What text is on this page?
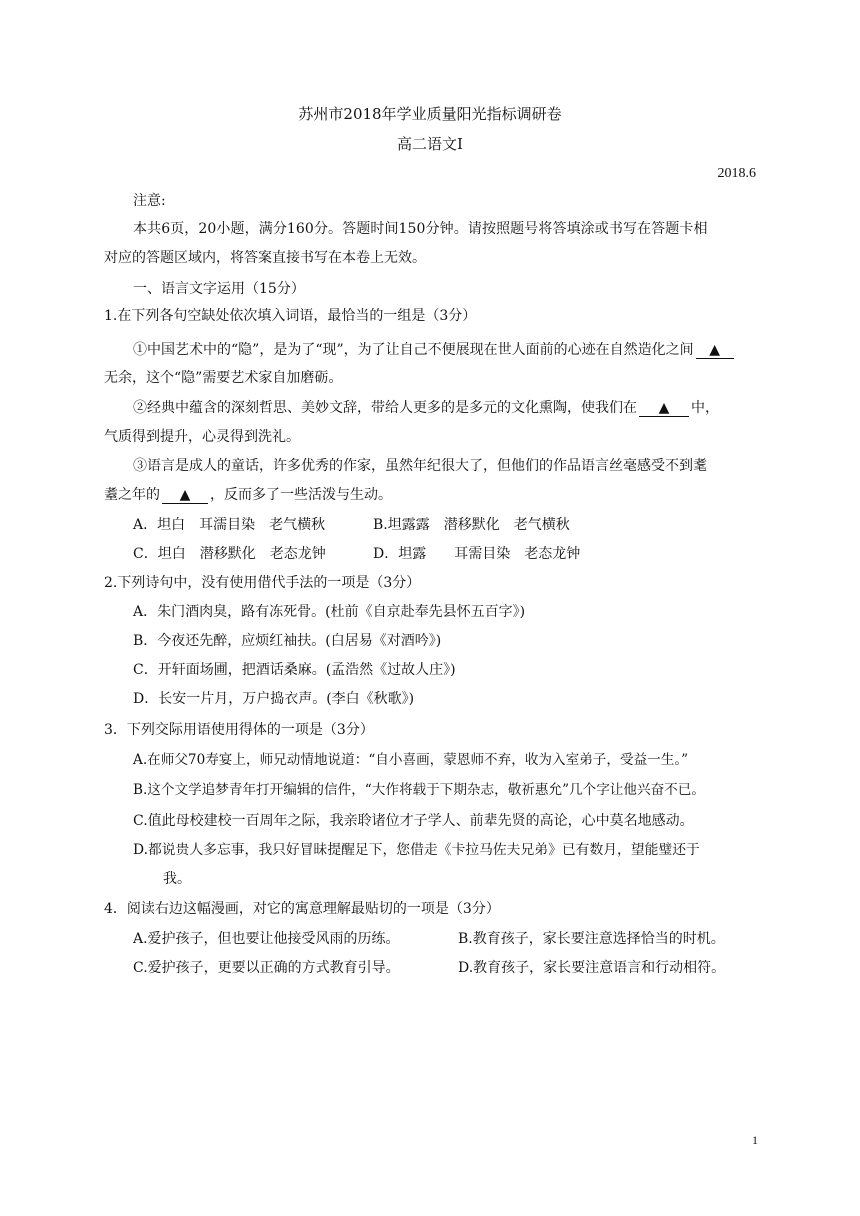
苏州市2018年学业质量阳光指标调研卷
高二语文Ⅰ
2018.6
注意:
本共6页，20小题，满分160分。答题时间150分钟。请按照题号将答填涂或书写在答题卡相
对应的答题区域内，将答案直接书写在本卷上无效。
一、语言文字运用（15分）
1.在下列各句空缺处依次填入词语，最恰当的一组是（3分）
①中国艺术中的“隐”，是为了“现”，为了让自己不便展现在世人面前的心迹在自然造化之间 ▲
无余，这个“隐”需要艺术家自加磨砺。
②经典中蕴含的深刻哲思、美妙文辞，带给人更多的是多元的文化熏陶，使我们在 ▲ 中，
气质得到提升，心灵得到洗礼。
③语言是成人的童话，许多优秀的作家，虽然年纪很大了，但他们的作品语言丝毫感受不到耄
耋之年的 ▲ ，反而多了一些活泼与生动。
A．坦白　耳濡目染　老气横秋	B.坦露露　潜移默化　老气横秋
C．坦白　潜移默化　老态龙钟	D．坦露　　耳需目染　老态龙钟
2.下列诗句中，没有使用借代手法的一项是（3分）
A．朱门酒肉臭，路有冻死骨。(杜前《自京赴奉先县怀五百字》)
B．今夜还先醉，应烦红袖扶。(白居易《对酒吟》)
C．开轩面场圃，把酒话桑麻。(孟浩然《过故人庄》)
D．长安一片月，万户捣衣声。(李白《秋歌》)
3．下列交际用语使用得体的一项是（3分）
A.在师父70寿宴上，师兄动情地说道：“自小喜画，蒙恩师不弃，收为入室弟子，受益一生。”
B.这个文学追梦青年打开编辑的信件，“大作将载于下期杂志，敬祈惠允”几个字让他兴奋不已。
C.值此母校建校一百周年之际，我亲聆诸位才子学人、前辈先贤的高论，心中莫名地感动。
D.都说贵人多忘事，我只好冒昧提醒足下，您借走《卡拉马佐夫兄弟》已有数月，望能璧还于
我。
4．阅读右边这幅漫画，对它的寓意理解最贴切的一项是（3分）
A.爱护孩子，但也要让他接受风雨的历练。	B.教育孩子，家长要注意选择恰当的时机。
C.爱护孩子，更要以正确的方式教育引导。	D.教育孩子，家长要注意语言和行动相符。
1
